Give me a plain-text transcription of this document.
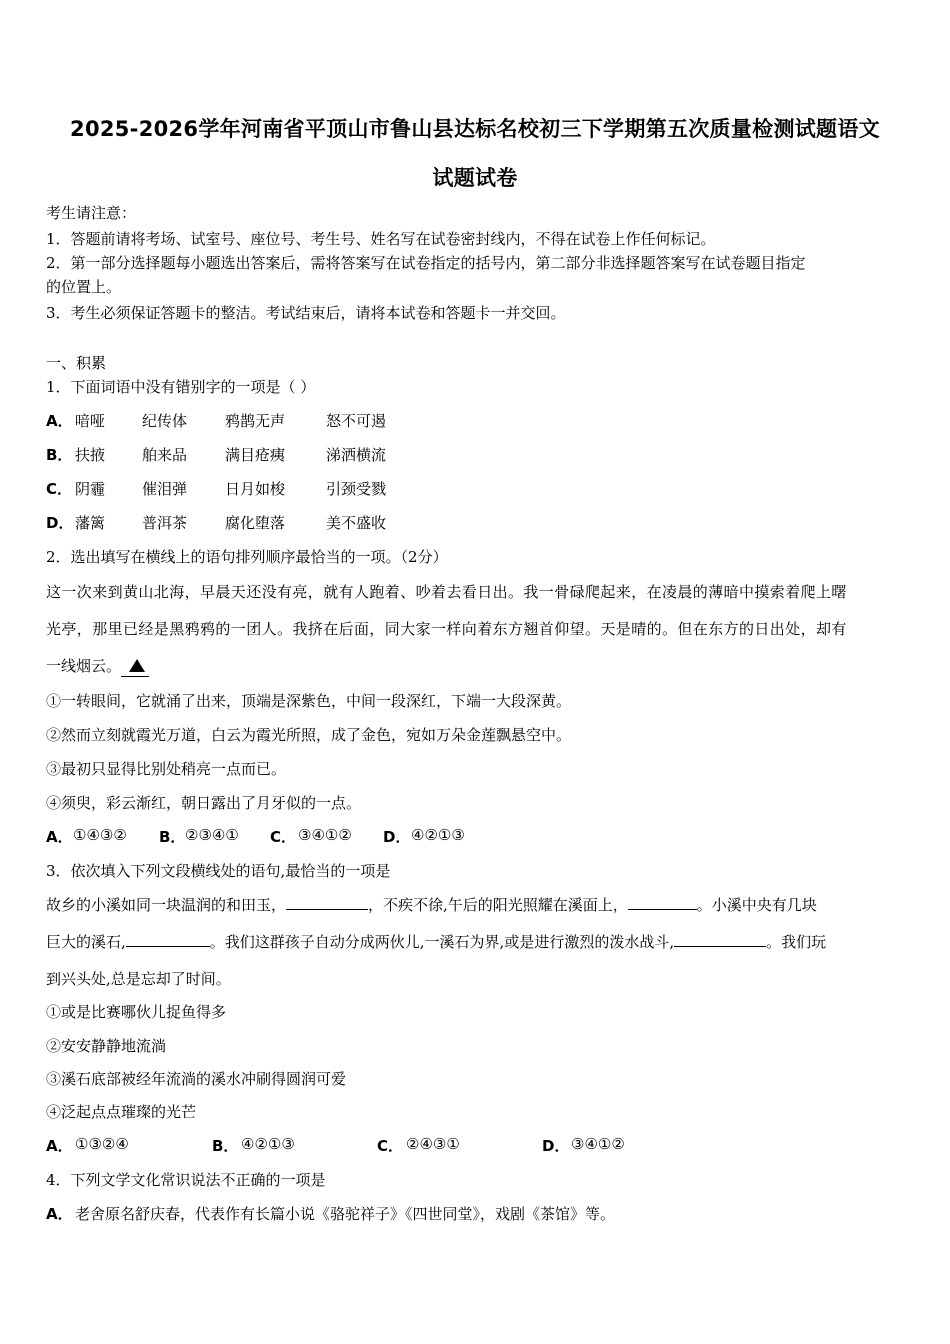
2025-2026学年河南省平顶山市鲁山县达标名校初三下学期第五次质量检测试题语文
试题试卷
考生请注意：
1．答题前请将考场、试室号、座位号、考生号、姓名写在试卷密封线内，不得在试卷上作任何标记。
2．第一部分选择题每小题选出答案后，需将答案写在试卷指定的括号内，第二部分非选择题答案写在试卷题目指定
的位置上。
3．考生必须保证答题卡的整洁。考试结束后，请将本试卷和答题卡一并交回。
一、积累
1．下面词语中没有错别字的一项是（ ）
A． 喑哑 纪传体	鸦鹊无声	怒不可遏
B． 扶掖 舶来品	满目疮痍	涕洒横流
C． 阴霾 催泪弹	日月如梭	引颈受戮
D． 藩篱 普洱茶	腐化堕落	美不盛收
2．选出填写在横线上的语句排列顺序最恰当的一项。（2分）
这一次来到黄山北海，早晨天还没有亮，就有人跑着、吵着去看日出。我一骨碌爬起来，在凌晨的薄暗中摸索着爬上曙
光亭，那里已经是黑鸦鸦的一团人。我挤在后面，同大家一样向着东方翘首仰望。天是晴的。但在东方的日出处，却有
一线烟云。
①一转眼间，它就涌了出来，顶端是深紫色，中间一段深红，下端一大段深黄。
②然而立刻就霞光万道，白云为霞光所照，成了金色，宛如万朵金莲飘悬空中。
③最初只显得比别处稍亮一点而已。
④须臾，彩云渐红，朝日露出了月牙似的一点。
A． ①④③② B． ②③④① C． ③④①② D． ④②①③
3．依次填入下列文段横线处的语句,最恰当的一项是
故乡的小溪如同一块温润的和田玉，	，不疾不徐,午后的阳光照耀在溪面上，	。小溪中央有几块
巨大的溪石,	。我们这群孩子自动分成两伙儿,一溪石为界,或是进行激烈的泼水战斗,	。我们玩
到兴头处,总是忘却了时间。
①或是比赛哪伙儿捉鱼得多
②安安静静地流淌
③溪石底部被经年流淌的溪水冲刷得圆润可爱
④泛起点点璀璨的光芒
A． ①③②④	B． ④②①③	C． ②④③①	D． ③④①②
4．下列文学文化常识说法不正确的一项是
A． 老舍原名舒庆春，代表作有长篇小说《骆驼祥子》《四世同堂》，戏剧《茶馆》等。
